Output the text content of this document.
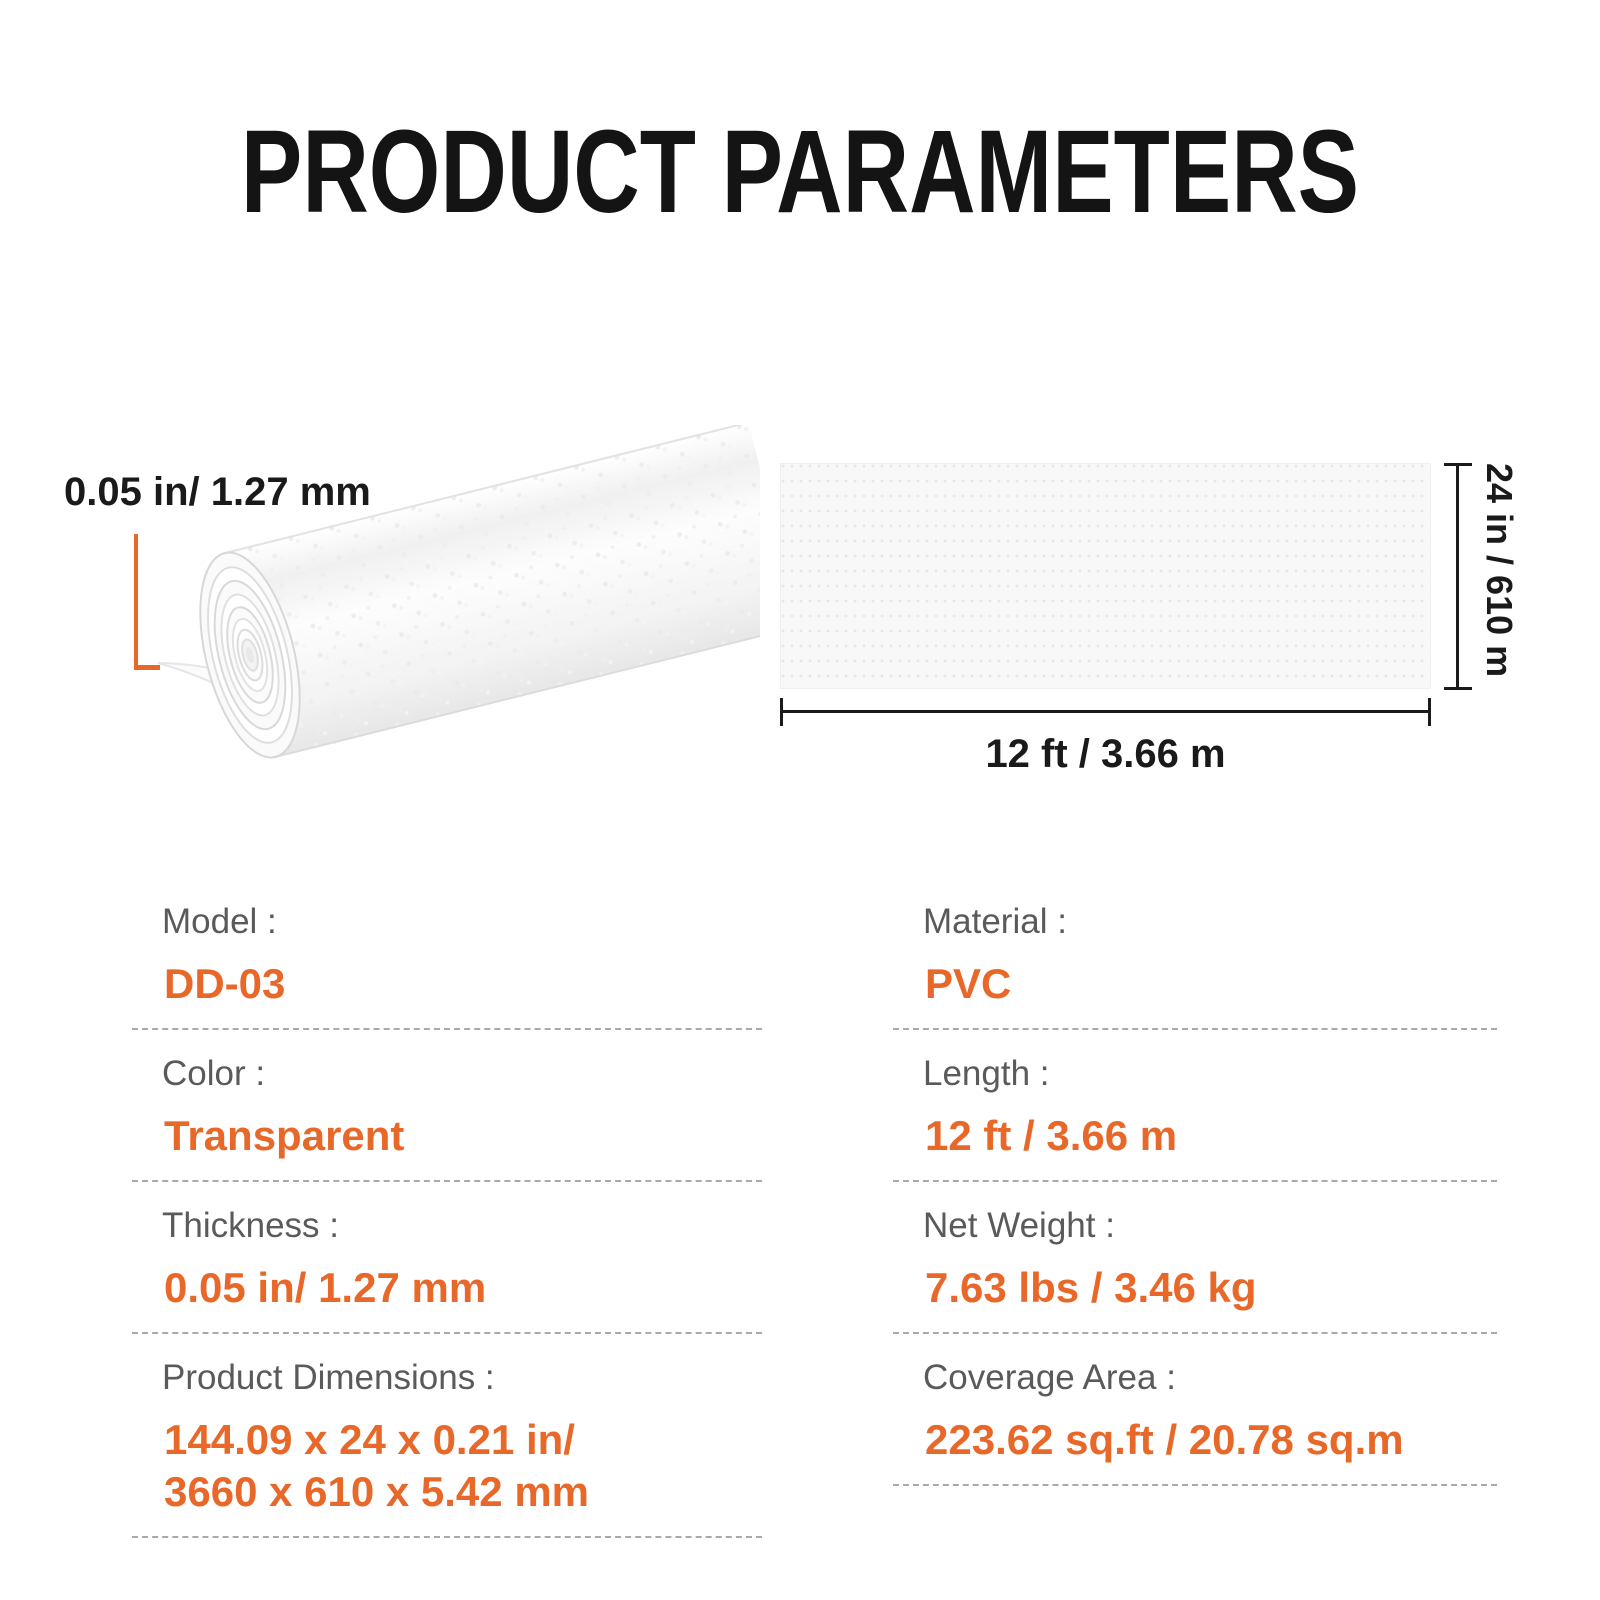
PRODUCT PARAMETERS
0.05 in/ 1.27 mm	24 in / 610 m
12 ft / 3.66 m
Model :
DD-03
Color :
Transparent
Thickness :
0.05 in/ 1.27 mm
Product Dimensions :
144.09 x 24 x 0.21 in/
3660 x 610 x 5.42 mm
Material :
PVC
Length :
12 ft / 3.66 m
Net Weight :
7.63 lbs / 3.46 kg
Coverage Area :
223.62 sq.ft / 20.78 sq.m
